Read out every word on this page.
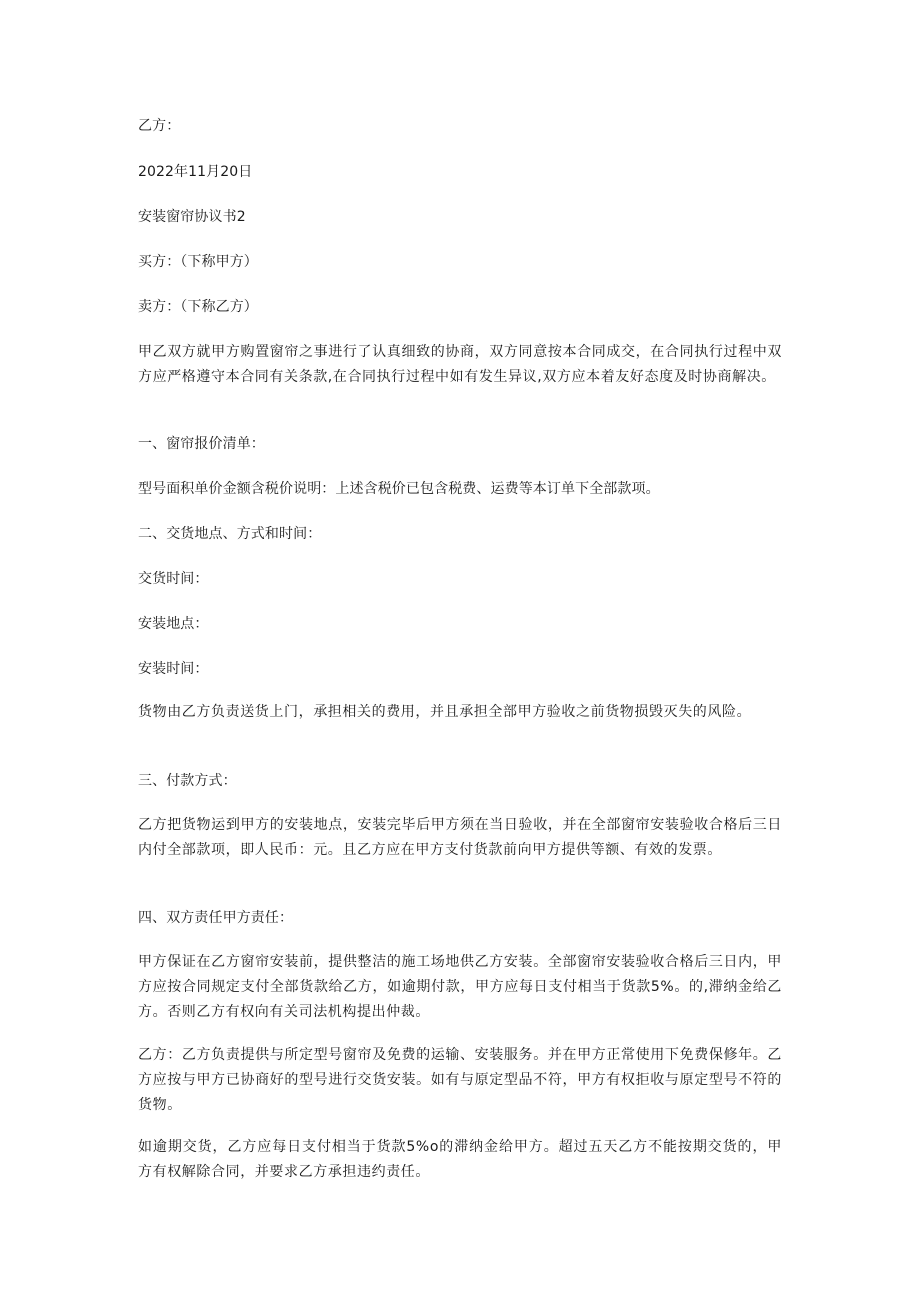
乙方：
2022年11月20日
安装窗帘协议书2
买方：（下称甲方）
卖方：（下称乙方）
甲乙双方就甲方购置窗帘之事进行了认真细致的协商，双方同意按本合同成交，在合同执行过程中双方应严格遵守本合同有关条款,在合同执行过程中如有发生异议,双方应本着友好态度及时协商解决。
一、窗帘报价清单：
型号面积单价金额含税价说明：上述含税价已包含税费、运费等本订单下全部款项。
二、交货地点、方式和时间：
交货时间：
安装地点：
安装时间：
货物由乙方负责送货上门，承担相关的费用，并且承担全部甲方验收之前货物损毁灭失的风险。
三、付款方式：
乙方把货物运到甲方的安装地点，安装完毕后甲方须在当日验收，并在全部窗帘安装验收合格后三日内付全部款项，即人民币：元。且乙方应在甲方支付货款前向甲方提供等额、有效的发票。
四、双方责任甲方责任：
甲方保证在乙方窗帘安装前，提供整洁的施工场地供乙方安装。全部窗帘安装验收合格后三日内，甲方应按合同规定支付全部货款给乙方，如逾期付款，甲方应每日支付相当于货款5%。的,滞纳金给乙方。否则乙方有权向有关司法机构提出仲裁。
乙方：乙方负责提供与所定型号窗帘及免费的运输、安装服务。并在甲方正常使用下免费保修年。乙方应按与甲方已协商好的型号进行交货安装。如有与原定型品不符，甲方有权拒收与原定型号不符的货物。
如逾期交货，乙方应每日支付相当于货款5%o的滞纳金给甲方。超过五天乙方不能按期交货的，甲方有权解除合同，并要求乙方承担违约责任。
